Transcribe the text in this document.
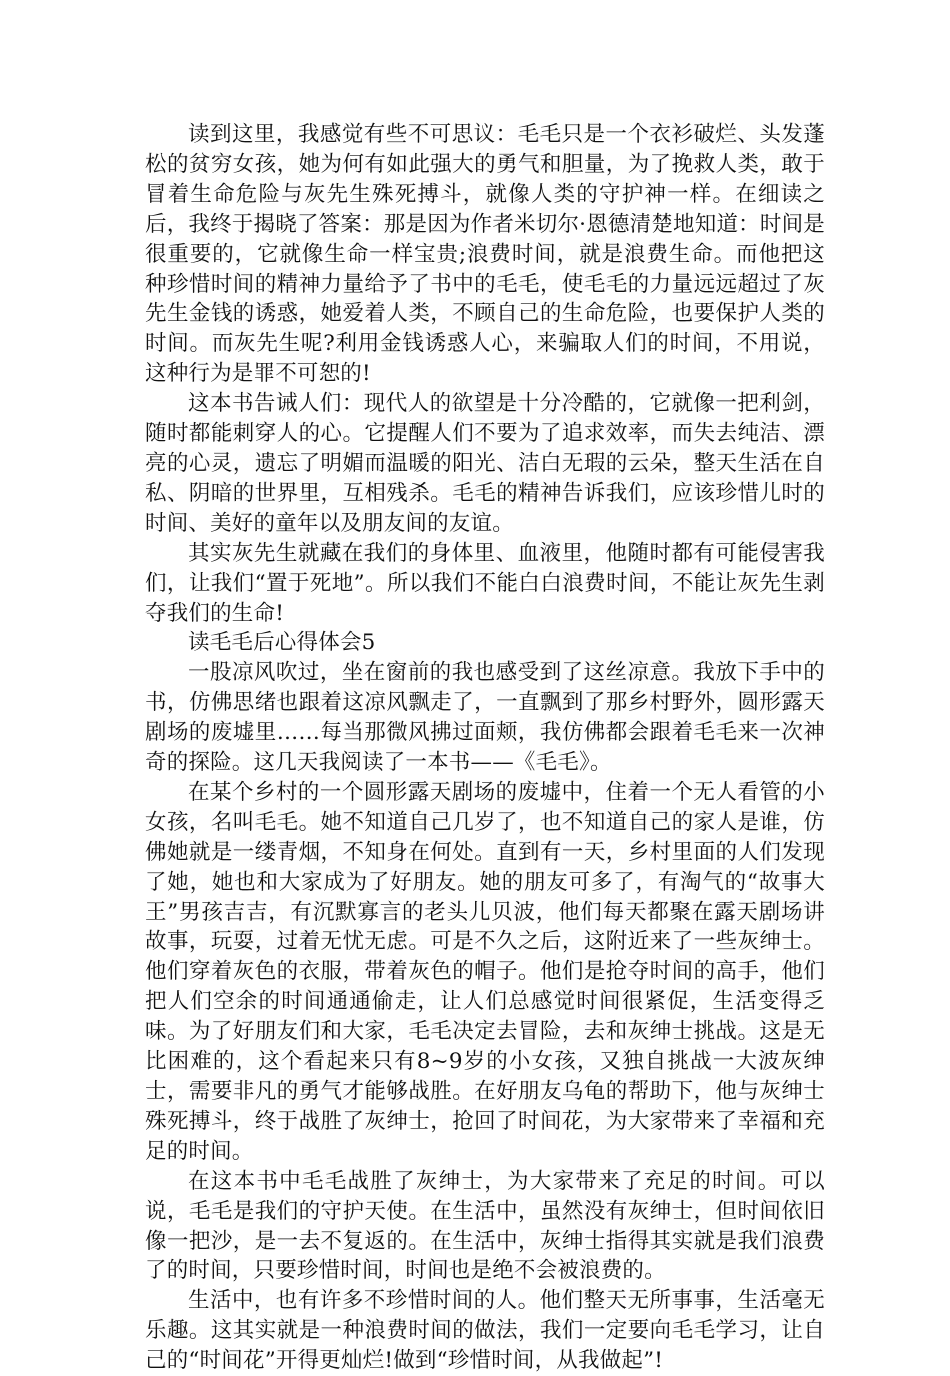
读到这里，我感觉有些不可思议：毛毛只是一个衣衫破烂、头发蓬松的贫穷女孩，她为何有如此强大的勇气和胆量，为了挽救人类，敢于冒着生命危险与灰先生殊死搏斗，就像人类的守护神一样。在细读之后，我终于揭晓了答案：那是因为作者米切尔·恩德清楚地知道：时间是很重要的，它就像生命一样宝贵;浪费时间，就是浪费生命。而他把这种珍惜时间的精神力量给予了书中的毛毛，使毛毛的力量远远超过了灰先生金钱的诱惑，她爱着人类，不顾自己的生命危险，也要保护人类的时间。而灰先生呢?利用金钱诱惑人心，来骗取人们的时间，不用说，这种行为是罪不可恕的!

这本书告诫人们：现代人的欲望是十分冷酷的，它就像一把利剑，随时都能刺穿人的心。它提醒人们不要为了追求效率，而失去纯洁、漂亮的心灵，遗忘了明媚而温暖的阳光、洁白无瑕的云朵，整天生活在自私、阴暗的世界里，互相残杀。毛毛的精神告诉我们，应该珍惜儿时的时间、美好的童年以及朋友间的友谊。

其实灰先生就藏在我们的身体里、血液里，他随时都有可能侵害我们，让我们“置于死地”。所以我们不能白白浪费时间，不能让灰先生剥夺我们的生命!

读毛毛后心得体会5

一股凉风吹过，坐在窗前的我也感受到了这丝凉意。我放下手中的书，仿佛思绪也跟着这凉风飘走了，一直飘到了那乡村野外，圆形露天剧场的废墟里……每当那微风拂过面颊，我仿佛都会跟着毛毛来一次神奇的探险。这几天我阅读了一本书——《毛毛》。

在某个乡村的一个圆形露天剧场的废墟中，住着一个无人看管的小女孩，名叫毛毛。她不知道自己几岁了，也不知道自己的家人是谁，仿佛她就是一缕青烟，不知身在何处。直到有一天，乡村里面的人们发现了她，她也和大家成为了好朋友。她的朋友可多了，有淘气的“故事大王”男孩吉吉，有沉默寡言的老头儿贝波，他们每天都聚在露天剧场讲故事，玩耍，过着无忧无虑。可是不久之后，这附近来了一些灰绅士。他们穿着灰色的衣服，带着灰色的帽子。他们是抢夺时间的高手，他们把人们空余的时间通通偷走，让人们总感觉时间很紧促，生活变得乏味。为了好朋友们和大家，毛毛决定去冒险，去和灰绅士挑战。这是无比困难的，这个看起来只有8~9岁的小女孩，又独自挑战一大波灰绅士，需要非凡的勇气才能够战胜。在好朋友乌龟的帮助下，他与灰绅士殊死搏斗，终于战胜了灰绅士，抢回了时间花，为大家带来了幸福和充足的时间。

在这本书中毛毛战胜了灰绅士，为大家带来了充足的时间。可以说，毛毛是我们的守护天使。在生活中，虽然没有灰绅士，但时间依旧像一把沙，是一去不复返的。在生活中，灰绅士指得其实就是我们浪费了的时间，只要珍惜时间，时间也是绝不会被浪费的。

生活中，也有许多不珍惜时间的人。他们整天无所事事，生活毫无乐趣。这其实就是一种浪费时间的做法，我们一定要向毛毛学习，让自己的“时间花”开得更灿烂!做到“珍惜时间，从我做起”!
